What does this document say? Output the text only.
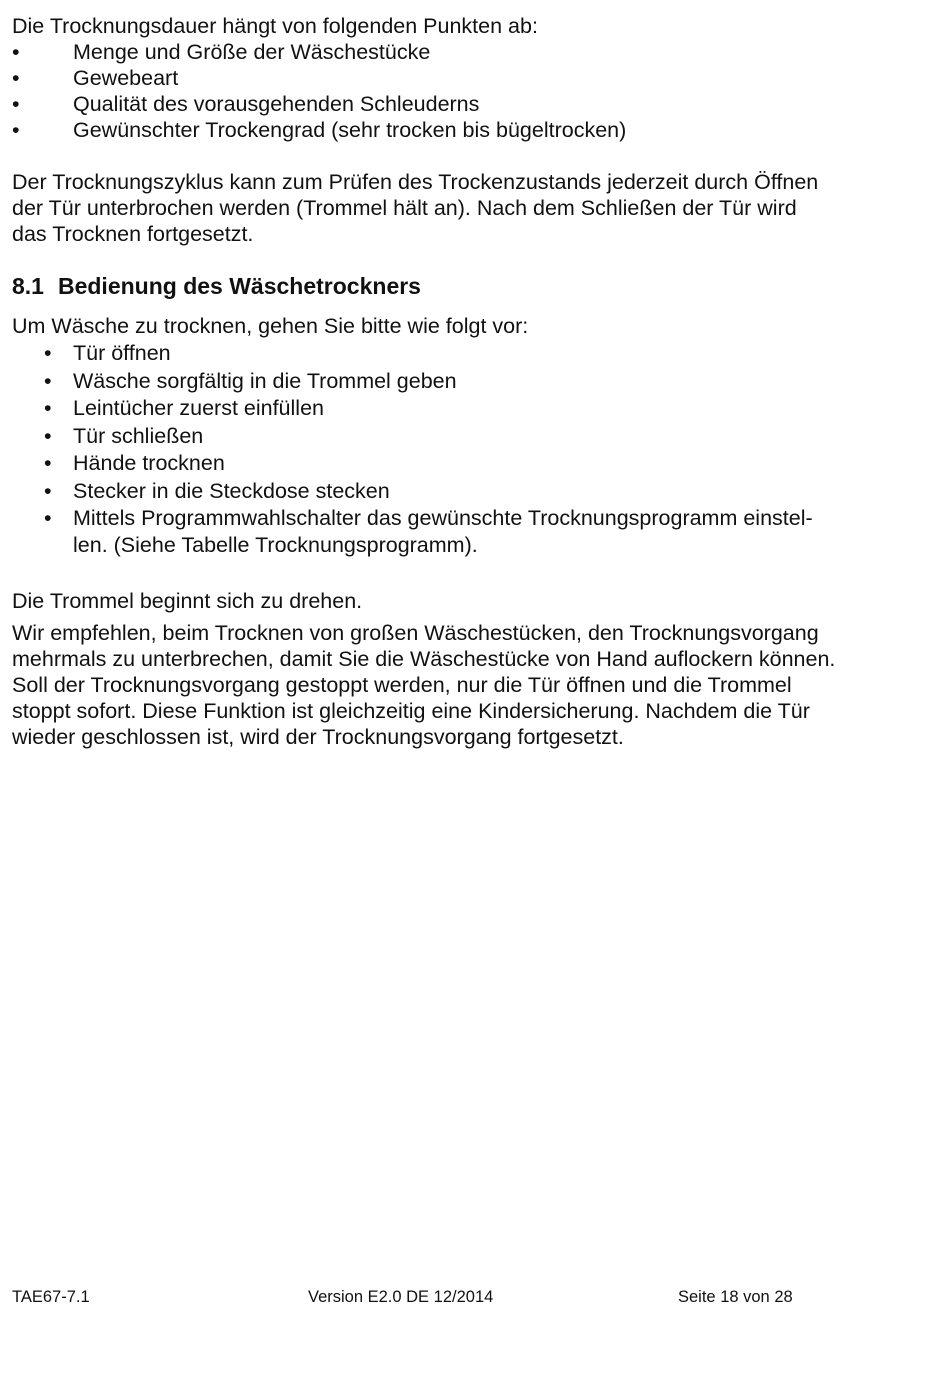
Die Trocknungsdauer hängt von folgenden Punkten ab:
•	Menge und Größe der Wäschestücke
•	Gewebeart
•	Qualität des vorausgehenden Schleuderns
•	Gewünschter Trockengrad (sehr trocken bis bügeltrocken)
Der Trocknungszyklus kann zum Prüfen des Trockenzustands jederzeit durch Öffnen
der Tür unterbrochen werden (Trommel hält an). Nach dem Schließen der Tür wird
das Trocknen fortgesetzt.
8.1 Bedienung des Wäschetrockners
Um Wäsche zu trocknen, gehen Sie bitte wie folgt vor:
• Tür öffnen
• Wäsche sorgfältig in die Trommel geben
• Leintücher zuerst einfüllen
• Tür schließen
• Hände trocknen
• Stecker in die Steckdose stecken
• Mittels Programmwahlschalter das gewünschte Trocknungsprogramm einstel-
len. (Siehe Tabelle Trocknungsprogramm).
Die Trommel beginnt sich zu drehen.
Wir empfehlen, beim Trocknen von großen Wäschestücken, den Trocknungsvorgang
mehrmals zu unterbrechen, damit Sie die Wäschestücke von Hand auflockern können.
Soll der Trocknungsvorgang gestoppt werden, nur die Tür öffnen und die Trommel
stoppt sofort. Diese Funktion ist gleichzeitig eine Kindersicherung. Nachdem die Tür
wieder geschlossen ist, wird der Trocknungsvorgang fortgesetzt.
TAE67-7.1	Version E2.0 DE 12/2014	Seite 18 von 28
